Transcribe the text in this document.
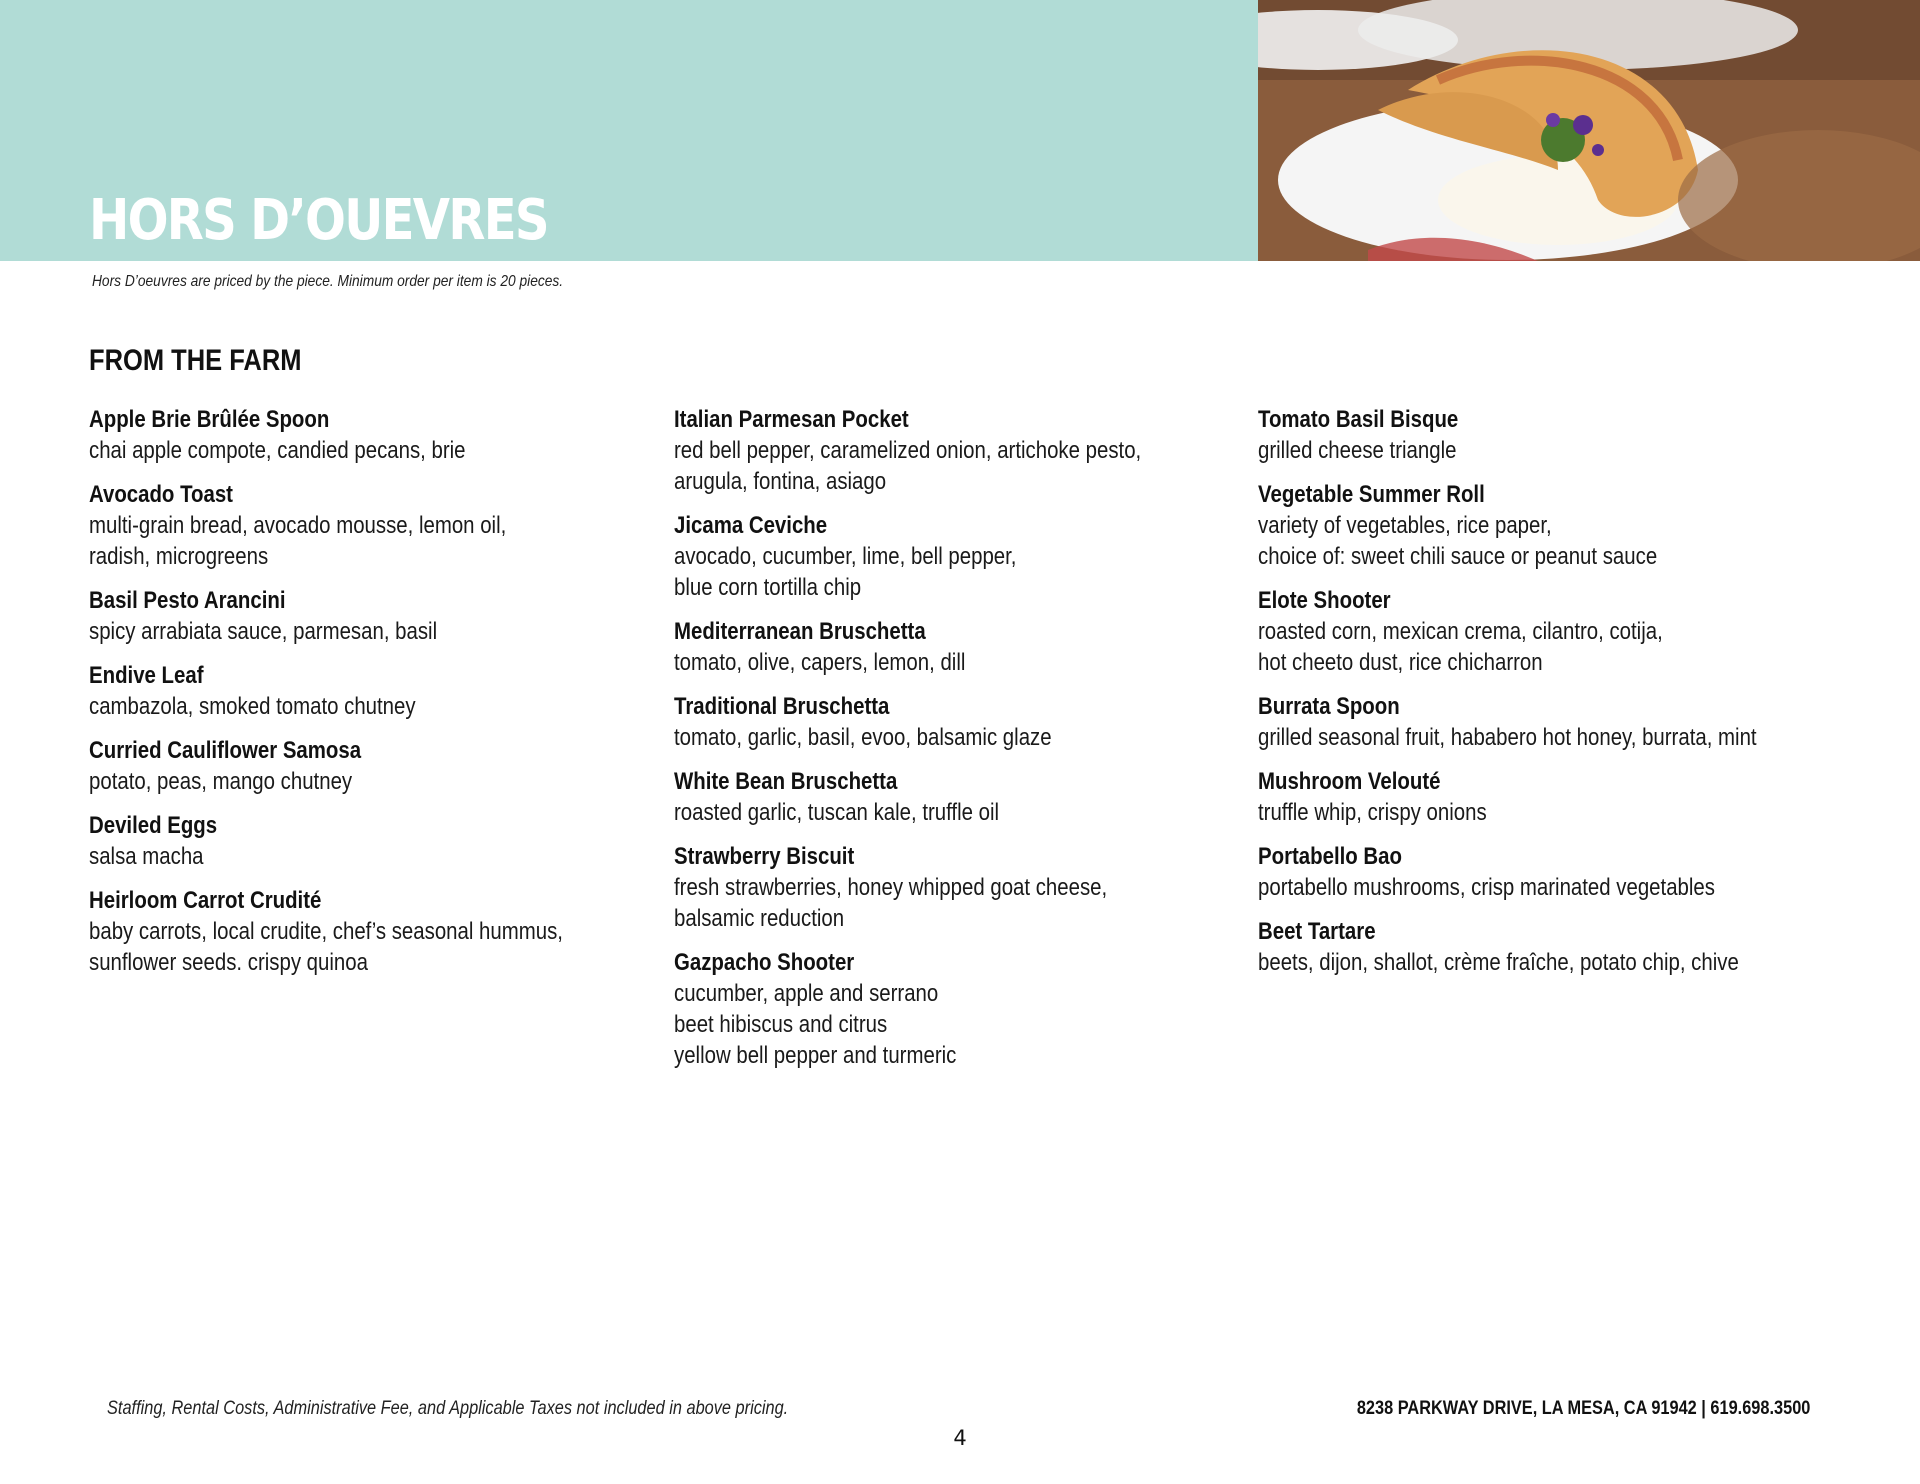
HORS D’OUEVRES
Hors D’oeuvres are priced by the piece. Minimum order per item is 20 pieces.
FROM THE FARM
Apple Brie Brûlée Spoon
chai apple compote, candied pecans, brie
Avocado Toast
multi-grain bread, avocado mousse, lemon oil,
radish, microgreens
Basil Pesto Arancini
spicy arrabiata sauce, parmesan, basil
Endive Leaf
cambazola, smoked tomato chutney
Curried Cauliflower Samosa
potato, peas, mango chutney
Deviled Eggs
salsa macha
Heirloom Carrot Crudité
baby carrots, local crudite, chef’s seasonal hummus,
sunflower seeds. crispy quinoa
Italian Parmesan Pocket
red bell pepper, caramelized onion, artichoke pesto,
arugula, fontina, asiago
Jicama Ceviche
avocado, cucumber, lime, bell pepper,
blue corn tortilla chip
Mediterranean Bruschetta
tomato, olive, capers, lemon, dill
Traditional Bruschetta
tomato, garlic, basil, evoo, balsamic glaze
White Bean Bruschetta
roasted garlic, tuscan kale, truffle oil
Strawberry Biscuit
fresh strawberries, honey whipped goat cheese,
balsamic reduction
Gazpacho Shooter
cucumber, apple and serrano
beet hibiscus and citrus
yellow bell pepper and turmeric
Tomato Basil Bisque
grilled cheese triangle
Vegetable Summer Roll
variety of vegetables, rice paper,
choice of: sweet chili sauce or peanut sauce
Elote Shooter
roasted corn, mexican crema, cilantro, cotija,
hot cheeto dust, rice chicharron
Burrata Spoon
grilled seasonal fruit, hababero hot honey, burrata, mint
Mushroom Velouté
truffle whip, crispy onions
Portabello Bao
portabello mushrooms, crisp marinated vegetables
Beet Tartare
beets, dijon, shallot, crème fraîche, potato chip, chive
Staffing, Rental Costs, Administrative Fee, and Applicable Taxes not included in above pricing.	8238 PARKWAY DRIVE, LA MESA, CA 91942 | 619.698.3500
4
